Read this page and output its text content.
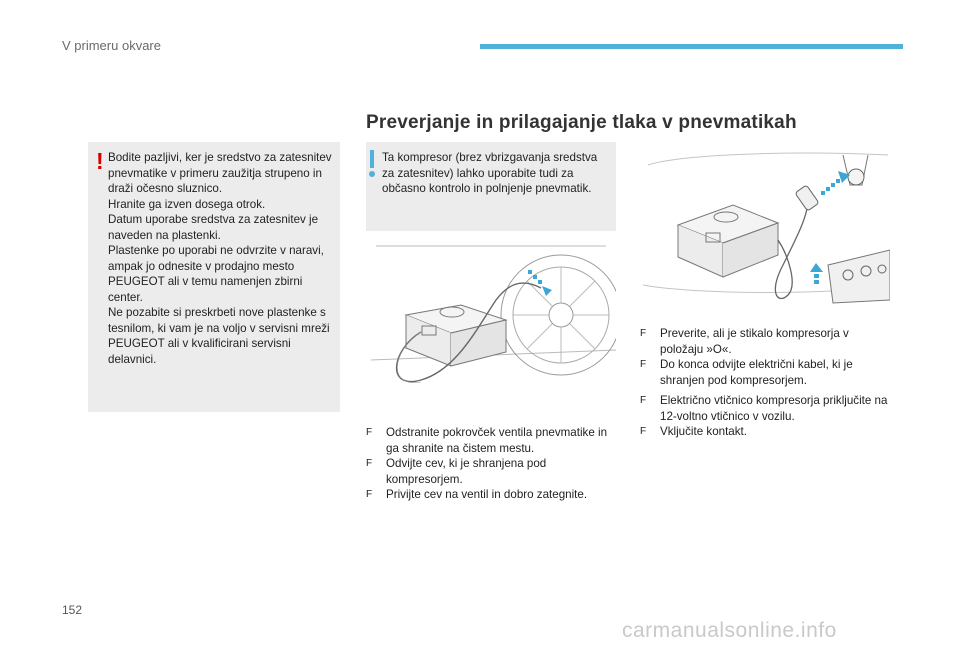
V primeru okvare
Preverjanje in prilagajanje tlaka v pnevmatikah
! Bodite pazljivi, ker je sredstvo za zatesnitev pnevmatike v primeru zaužitja strupeno in draži očesno sluznico.

Hranite ga izven dosega otrok.

Datum uporabe sredstva za zatesnitev je naveden na plastenki.

Plastenke po uporabi ne odvrzite v naravi, ampak jo odnesite v prodajno mesto PEUGEOT ali v temu namenjen zbirni center.

Ne pozabite si preskrbeti nove plastenke s tesnilom, ki vam je na voljo v servisni mreži PEUGEOT ali v kvalificirani servisni delavnici.

Ta kompresor (brez vbrizgavanja sredstva za zatesnitev) lahko uporabite tudi za občasno kontrolo in polnjenje pnevmatik.

F Odstranite pokrovček ventila pnevmatike in ga shranite na čistem mestu.
F Odvijte cev, ki je shranjena pod kompresorjem.
F Privijte cev na ventil in dobro zategnite.
F Preverite, ali je stikalo kompresorja v položaju »O«.
F Do konca odvijte električni kabel, ki je shranjen pod kompresorjem.
F Električno vtičnico kompresorja priključite na 12-voltno vtičnico v vozilu.
F Vključite kontakt.

152

carmanualsonline.info
